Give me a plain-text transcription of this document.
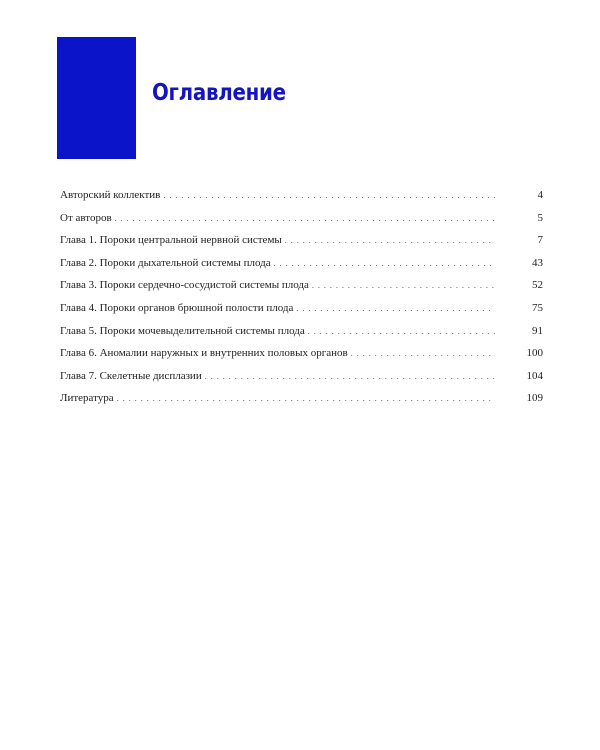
Оглавление
Авторский коллектив . . .	4
От авторов . . .	5
Глава 1. Пороки центральной нервной системы . . .	7
Глава 2. Пороки дыхательной системы плода . . .	43
Глава 3. Пороки сердечно-сосудистой системы плода . . .	52
Глава 4. Пороки органов брюшной полости плода . . .	75
Глава 5. Пороки мочевыделительной системы плода . . .	91
Глава 6. Аномалии наружных и внутренних половых органов . . .	100
Глава 7. Скелетные дисплазии . . .	104
Литература . . .	109
